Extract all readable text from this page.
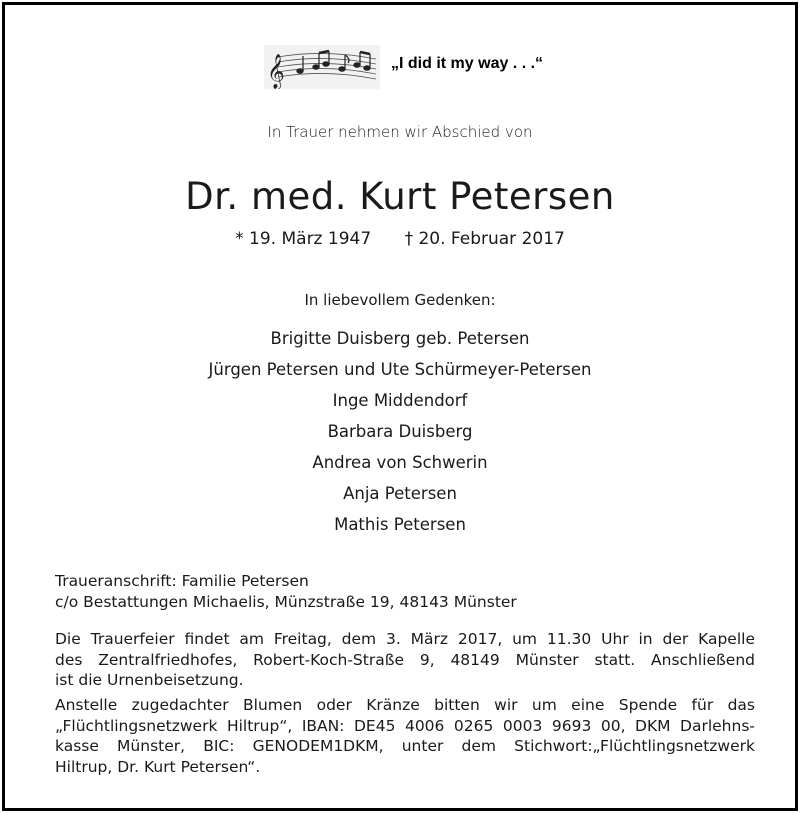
𝄞	„I did it my way . . .“
In Trauer nehmen wir Abschied von
Dr. med. Kurt Petersen
* 19. März 1947 † 20. Februar 2017
In liebevollem Gedenken:
Brigitte Duisberg geb. Petersen
Jürgen Petersen und Ute Schürmeyer-Petersen
Inge Middendorf
Barbara Duisberg
Andrea von Schwerin
Anja Petersen
Mathis Petersen
Traueranschrift: Familie Petersen
c/o Bestattungen Michaelis, Münzstraße 19, 48143 Münster
Die Trauerfeier findet am Freitag, dem 3. März 2017, um 11.30 Uhr in der Kapelle
des Zentralfriedhofes, Robert-Koch-Straße 9, 48149 Münster statt. Anschließend
ist die Urnenbeisetzung.
Anstelle zugedachter Blumen oder Kränze bitten wir um eine Spende für das
„Flüchtlingsnetzwerk Hiltrup“, IBAN: DE45 4006 0265 0003 9693 00, DKM Darlehns-
kasse Münster, BIC: GENODEM1DKM, unter dem Stichwort:„Flüchtlingsnetzwerk
Hiltrup, Dr. Kurt Petersen“.
